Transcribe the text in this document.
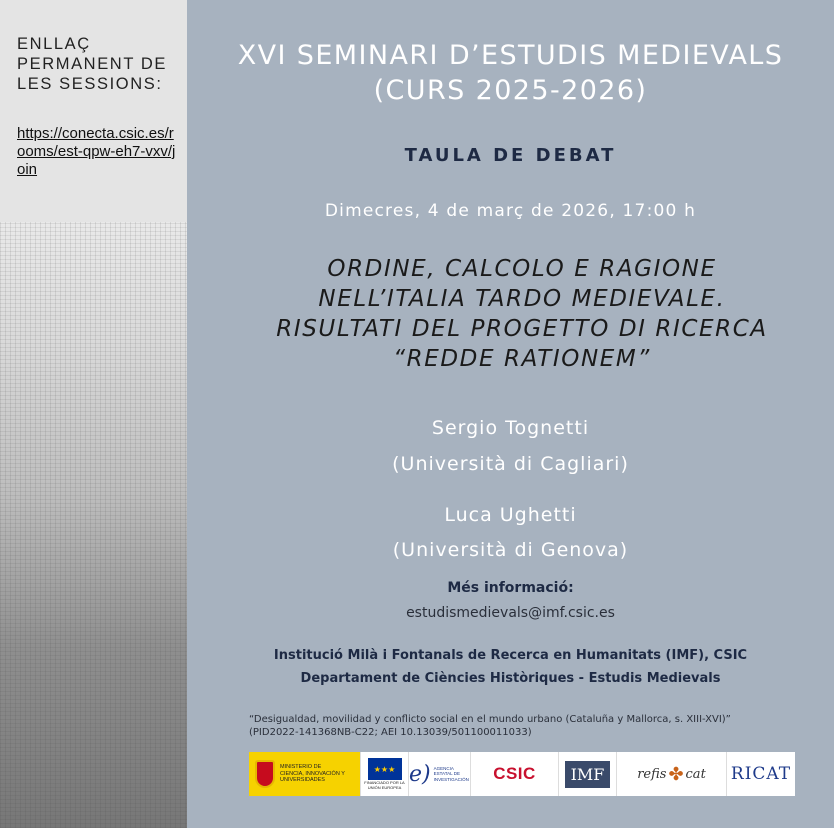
ENLLAÇ PERMANENT DE LES SESSIONS:
https://conecta.csic.es/rooms/est-qpw-eh7-vxv/join
XVI SEMINARI D’ESTUDIS MEDIEVALS
(CURS 2025-2026)
TAULA DE DEBAT
Dimecres, 4 de març de 2026, 17:00 h
ORDINE, CALCOLO E RAGIONE NELL’ITALIA TARDO MEDIEVALE. RISULTATI DEL PROGETTO DI RICERCA “REDDE RATIONEM”
Sergio Tognetti
(Università di Cagliari)
Luca Ughetti
(Università di Genova)
Més informació:
estudismedievals@imf.csic.es
Institució Milà i Fontanals de Recerca en Humanitats (IMF), CSIC
Departament de Ciències Històriques - Estudis Medievals
“Desigualdad, movilidad y conflicto social en el mundo urbano (Cataluña y Mallorca, s. XIII-XVI)”
(PID2022-141368NB-C22; AEI 10.13039/501100011033)
MINISTERIO DE CIENCIA, INNOVACIÓN Y UNIVERSIDADES
★★★
FINANCIADO POR LA UNIÓN EUROPEA
e) AGENCIA ESTATAL DE INVESTIGACIÓN CSIC	IMF	refis ✤ cat RICAT
